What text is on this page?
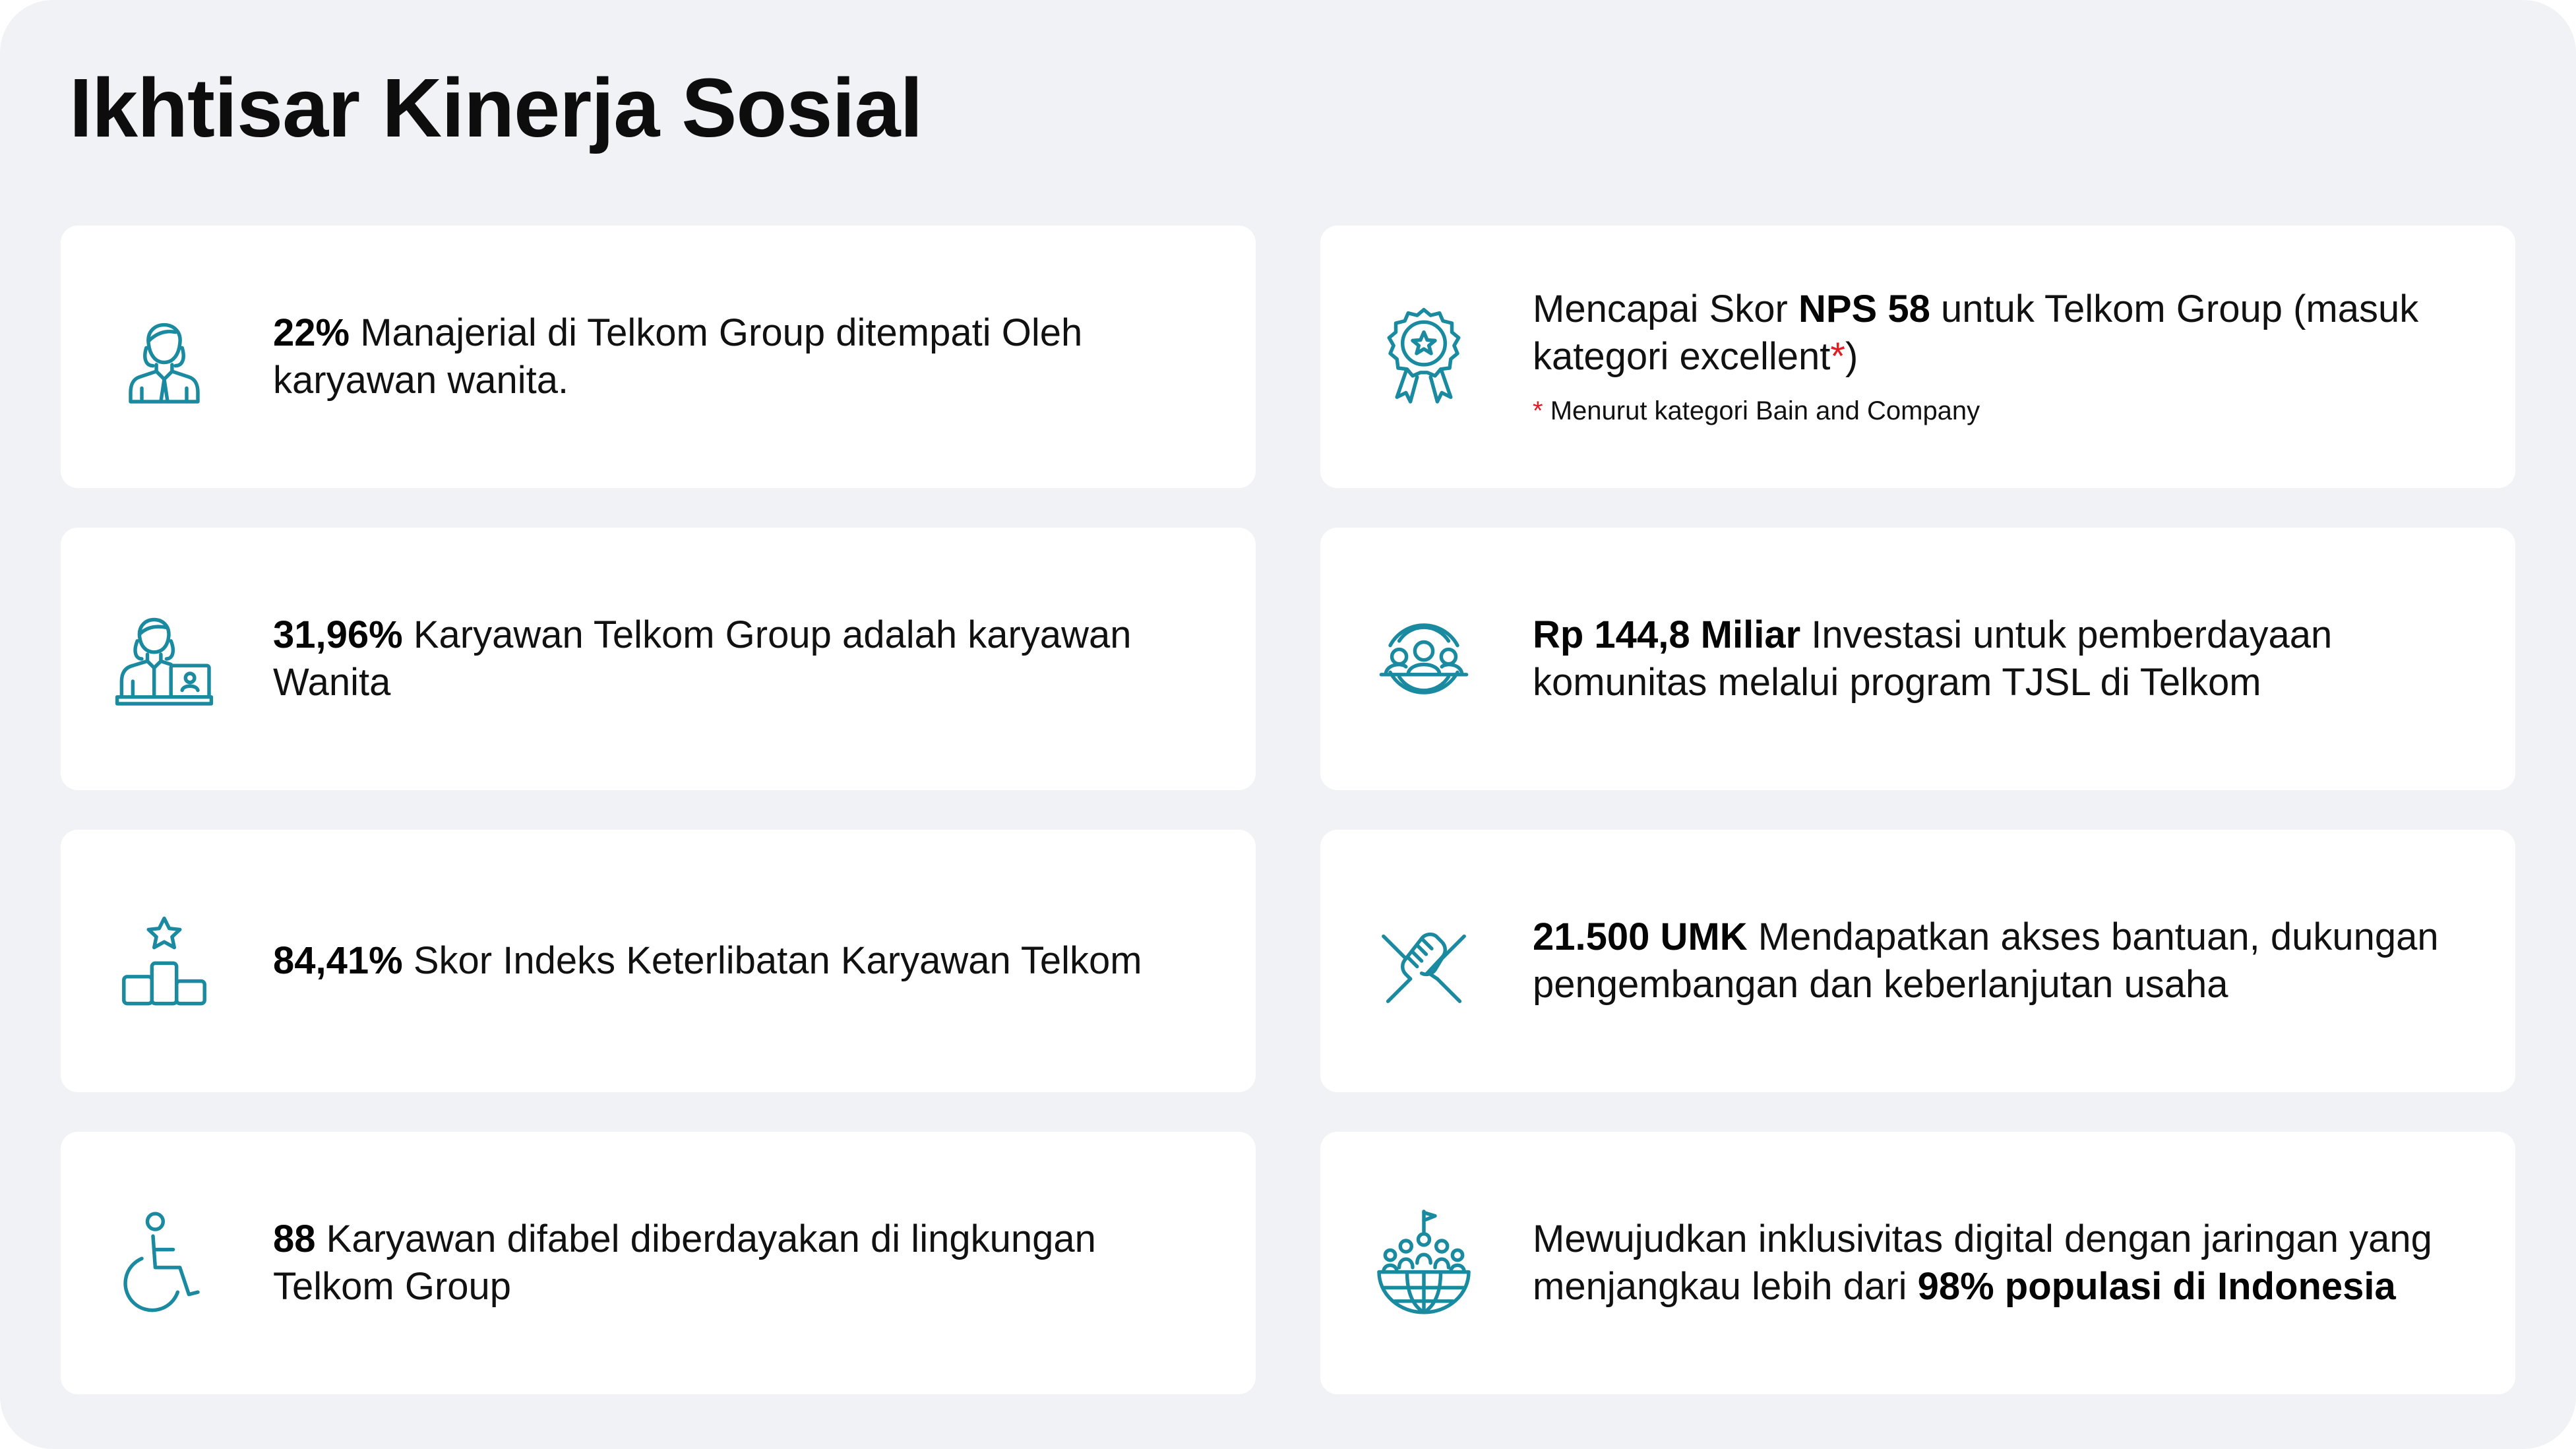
Ikhtisar Kinerja Sosial
22% Manajerial di Telkom Group ditempati Oleh karyawan wanita.
Mencapai Skor NPS 58 untuk Telkom Group (masuk kategori excellent*)
* Menurut kategori Bain and Company
31,96% Karyawan Telkom Group adalah karyawan Wanita
Rp 144,8 Miliar Investasi untuk pemberdayaan komunitas melalui program TJSL di Telkom
84,41% Skor Indeks Keterlibatan Karyawan Telkom
21.500 UMK Mendapatkan akses bantuan, dukungan pengembangan dan keberlanjutan usaha
88 Karyawan difabel diberdayakan di lingkungan Telkom Group
Mewujudkan inklusivitas digital dengan jaringan yang menjangkau lebih dari 98% populasi di Indonesia
